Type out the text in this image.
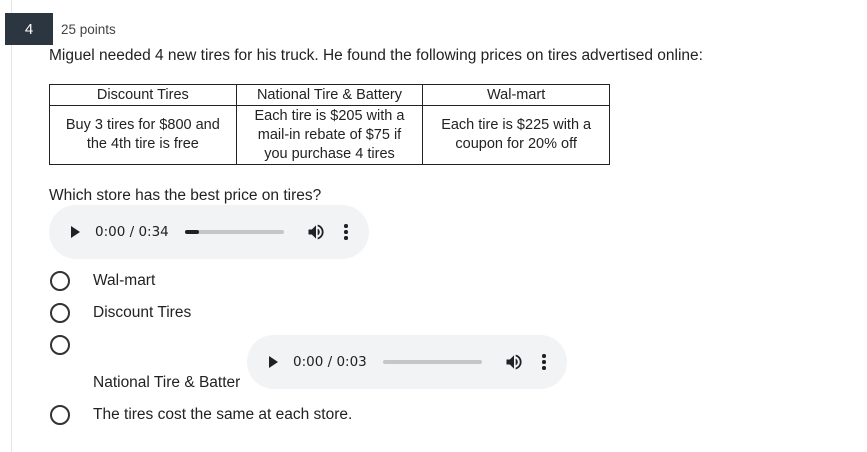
4 25 points
Miguel needed 4 new tires for his truck. He found the following prices on tires advertised online:
Discount Tires	National Tire & Battery	Wal-mart
Buy 3 tires for $800 and the 4th tire is free	Each tire is $205 with a mail-in rebate of $75 if you purchase 4 tires	Each tire is $225 with a coupon for 20% off
Which store has the best price on tires?
0:00 / 0:34
Wal-mart
Discount Tires
0:00 / 0:03
National Tire & Batter
The tires cost the same at each store.
